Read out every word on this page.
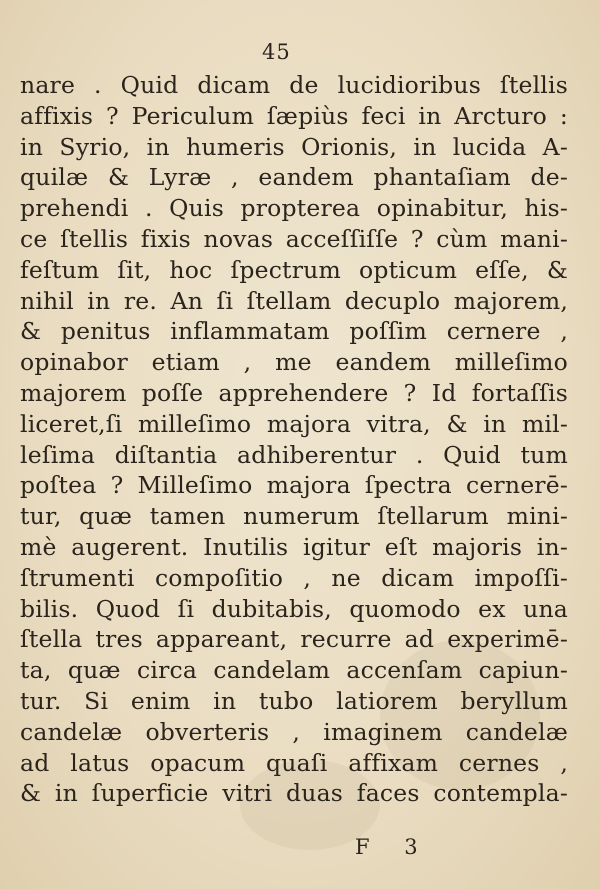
45
nare . Quid dicam de lucidioribus ſtellis
affixis ? Periculum ſæpiùs feci in Arcturo :
in Syrio, in humeris Orionis, in lucida A-
quilæ & Lyræ , eandem phantaſiam de-
prehendi . Quis propterea opinabitur, his-
ce ſtellis fixis novas acceſſiſſe ? cùm mani-
feſtum ſit, hoc ſpectrum opticum eſſe, &
nihil in re. An ſi ſtellam decuplo majorem,
& penitus inflammatam poſſim cernere ,
opinabor etiam , me eandem milleſimo
majorem poſſe apprehendere ? Id fortaſſis
liceret,ſi milleſimo majora vitra, & in mil-
leſima diſtantia adhiberentur . Quid tum
poſtea ? Milleſimo majora ſpectra cernerē-
tur, quæ tamen numerum ſtellarum mini-
mè augerent. Inutilis igitur eſt majoris in-
ſtrumenti compoſitio , ne dicam impoſſi-
bilis. Quod ſi dubitabis, quomodo ex una
ſtella tres appareant, recurre ad experimē-
ta, quæ circa candelam accenſam capiun-
tur. Si enim in tubo latiorem beryllum
candelæ obverteris , imaginem candelæ
ad latus opacum quaſi affixam cernes ,
& in ſuperficie vitri duas faces contempla-
F 3
